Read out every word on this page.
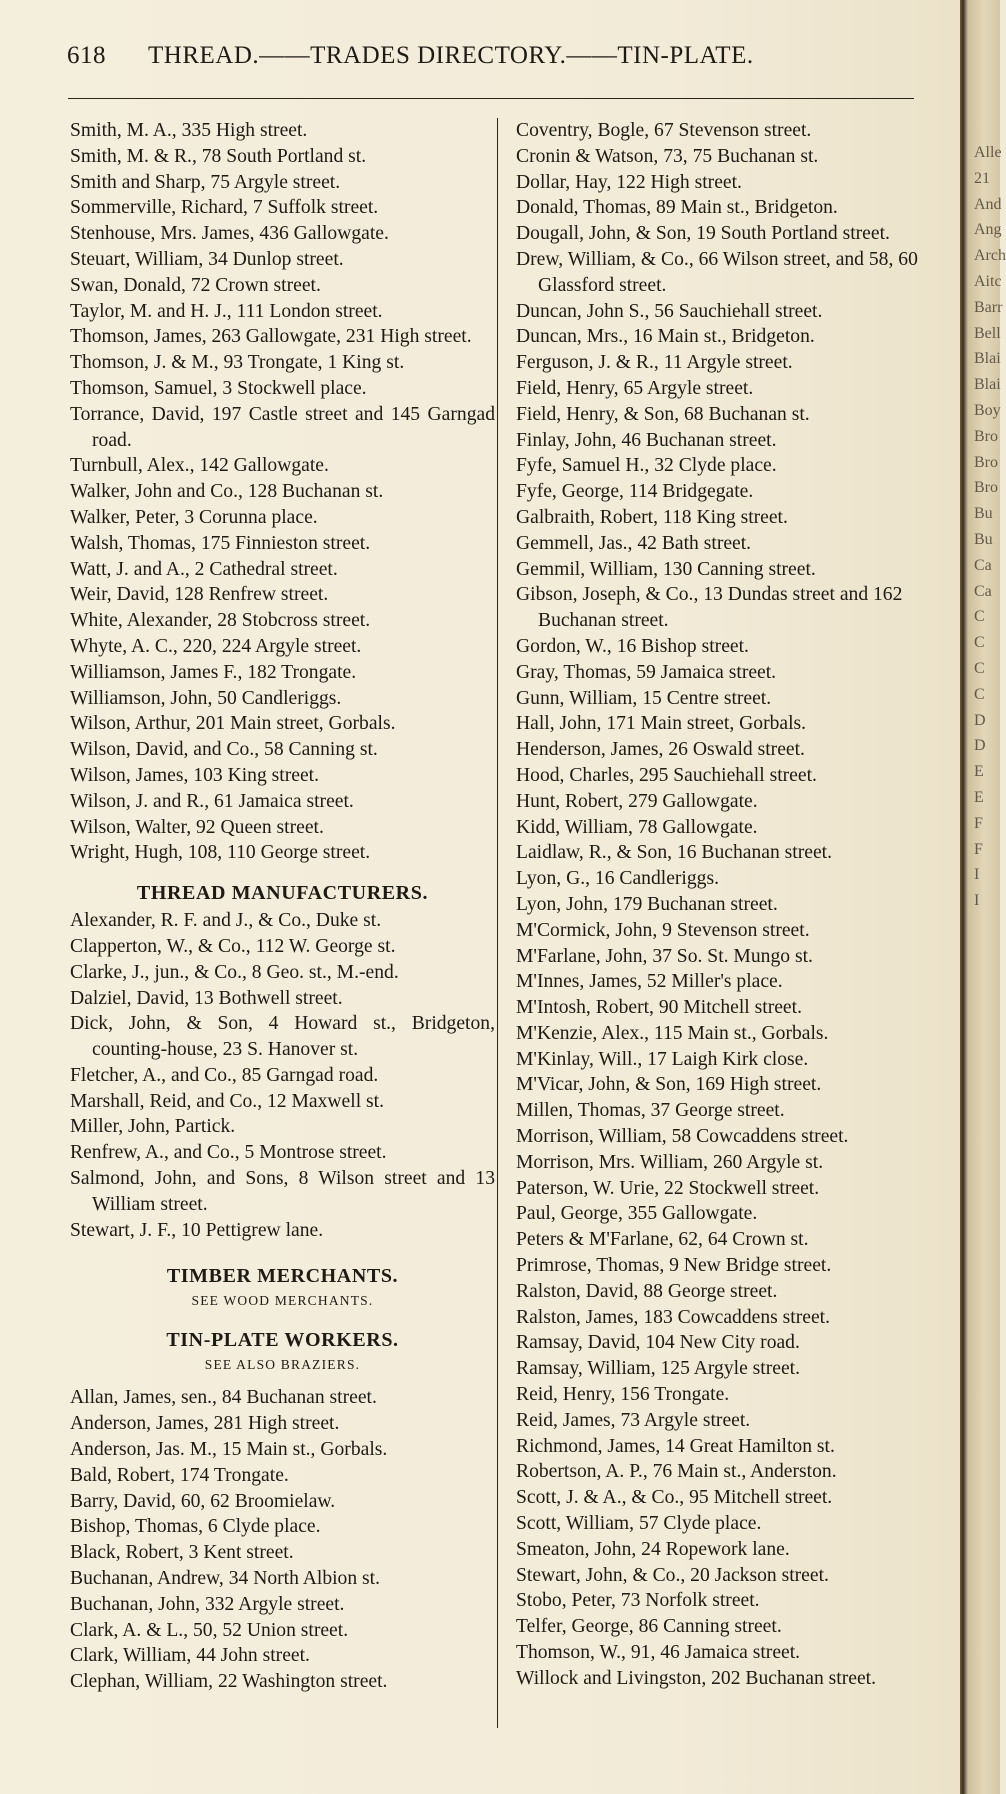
Alle
21
And
Ang
Arch
Aitc
Barr
Bell
Blai
Blai
Boy
Bro
Bro
Bro
Bu
Bu
Ca
Ca
C
C
C
C
D
D
E
E
F
F
I
I
618 THREAD.——TRADES DIRECTORY.——TIN-PLATE.
Smith, M. A., 335 High street.
Smith, M. & R., 78 South Portland st.
Smith and Sharp, 75 Argyle street.
Sommerville, Richard, 7 Suffolk street.
Stenhouse, Mrs. James, 436 Gallowgate.
Steuart, William, 34 Dunlop street.
Swan, Donald, 72 Crown street.
Taylor, M. and H. J., 111 London street.
Thomson, James, 263 Gallowgate, 231 High street.
Thomson, J. & M., 93 Trongate, 1 King st.
Thomson, Samuel, 3 Stockwell place.
Torrance, David, 197 Castle street and 145 Garngad road.
Turnbull, Alex., 142 Gallowgate.
Walker, John and Co., 128 Buchanan st.
Walker, Peter, 3 Corunna place.
Walsh, Thomas, 175 Finnieston street.
Watt, J. and A., 2 Cathedral street.
Weir, David, 128 Renfrew street.
White, Alexander, 28 Stobcross street.
Whyte, A. C., 220, 224 Argyle street.
Williamson, James F., 182 Trongate.
Williamson, John, 50 Candleriggs.
Wilson, Arthur, 201 Main street, Gorbals.
Wilson, David, and Co., 58 Canning st.
Wilson, James, 103 King street.
Wilson, J. and R., 61 Jamaica street.
Wilson, Walter, 92 Queen street.
Wright, Hugh, 108, 110 George street.
THREAD MANUFACTURERS.
Alexander, R. F. and J., & Co., Duke st.
Clapperton, W., & Co., 112 W. George st.
Clarke, J., jun., & Co., 8 Geo. st., M.-end.
Dalziel, David, 13 Bothwell street.
Dick, John, & Son, 4 Howard st., Bridgeton, counting-house, 23 S. Hanover st.
Fletcher, A., and Co., 85 Garngad road.
Marshall, Reid, and Co., 12 Maxwell st.
Miller, John, Partick.
Renfrew, A., and Co., 5 Montrose street.
Salmond, John, and Sons, 8 Wilson street and 13 William street.
Stewart, J. F., 10 Pettigrew lane.
TIMBER MERCHANTS.
SEE WOOD MERCHANTS.
TIN-PLATE WORKERS.
SEE ALSO BRAZIERS.
Allan, James, sen., 84 Buchanan street.
Anderson, James, 281 High street.
Anderson, Jas. M., 15 Main st., Gorbals.
Bald, Robert, 174 Trongate.
Barry, David, 60, 62 Broomielaw.
Bishop, Thomas, 6 Clyde place.
Black, Robert, 3 Kent street.
Buchanan, Andrew, 34 North Albion st.
Buchanan, John, 332 Argyle street.
Clark, A. & L., 50, 52 Union street.
Clark, William, 44 John street.
Clephan, William, 22 Washington street.
Coventry, Bogle, 67 Stevenson street.
Cronin & Watson, 73, 75 Buchanan st.
Dollar, Hay, 122 High street.
Donald, Thomas, 89 Main st., Bridgeton.
Dougall, John, & Son, 19 South Portland street.
Drew, William, & Co., 66 Wilson street, and 58, 60 Glassford street.
Duncan, John S., 56 Sauchiehall street.
Duncan, Mrs., 16 Main st., Bridgeton.
Ferguson, J. & R., 11 Argyle street.
Field, Henry, 65 Argyle street.
Field, Henry, & Son, 68 Buchanan st.
Finlay, John, 46 Buchanan street.
Fyfe, Samuel H., 32 Clyde place.
Fyfe, George, 114 Bridgegate.
Galbraith, Robert, 118 King street.
Gemmell, Jas., 42 Bath street.
Gemmil, William, 130 Canning street.
Gibson, Joseph, & Co., 13 Dundas street and 162 Buchanan street.
Gordon, W., 16 Bishop street.
Gray, Thomas, 59 Jamaica street.
Gunn, William, 15 Centre street.
Hall, John, 171 Main street, Gorbals.
Henderson, James, 26 Oswald street.
Hood, Charles, 295 Sauchiehall street.
Hunt, Robert, 279 Gallowgate.
Kidd, William, 78 Gallowgate.
Laidlaw, R., & Son, 16 Buchanan street.
Lyon, G., 16 Candleriggs.
Lyon, John, 179 Buchanan street.
M'Cormick, John, 9 Stevenson street.
M'Farlane, John, 37 So. St. Mungo st.
M'Innes, James, 52 Miller's place.
M'Intosh, Robert, 90 Mitchell street.
M'Kenzie, Alex., 115 Main st., Gorbals.
M'Kinlay, Will., 17 Laigh Kirk close.
M'Vicar, John, & Son, 169 High street.
Millen, Thomas, 37 George street.
Morrison, William, 58 Cowcaddens street.
Morrison, Mrs. William, 260 Argyle st.
Paterson, W. Urie, 22 Stockwell street.
Paul, George, 355 Gallowgate.
Peters & M'Farlane, 62, 64 Crown st.
Primrose, Thomas, 9 New Bridge street.
Ralston, David, 88 George street.
Ralston, James, 183 Cowcaddens street.
Ramsay, David, 104 New City road.
Ramsay, William, 125 Argyle street.
Reid, Henry, 156 Trongate.
Reid, James, 73 Argyle street.
Richmond, James, 14 Great Hamilton st.
Robertson, A. P., 76 Main st., Anderston.
Scott, J. & A., & Co., 95 Mitchell street.
Scott, William, 57 Clyde place.
Smeaton, John, 24 Ropework lane.
Stewart, John, & Co., 20 Jackson street.
Stobo, Peter, 73 Norfolk street.
Telfer, George, 86 Canning street.
Thomson, W., 91, 46 Jamaica street.
Willock and Livingston, 202 Buchanan street.
